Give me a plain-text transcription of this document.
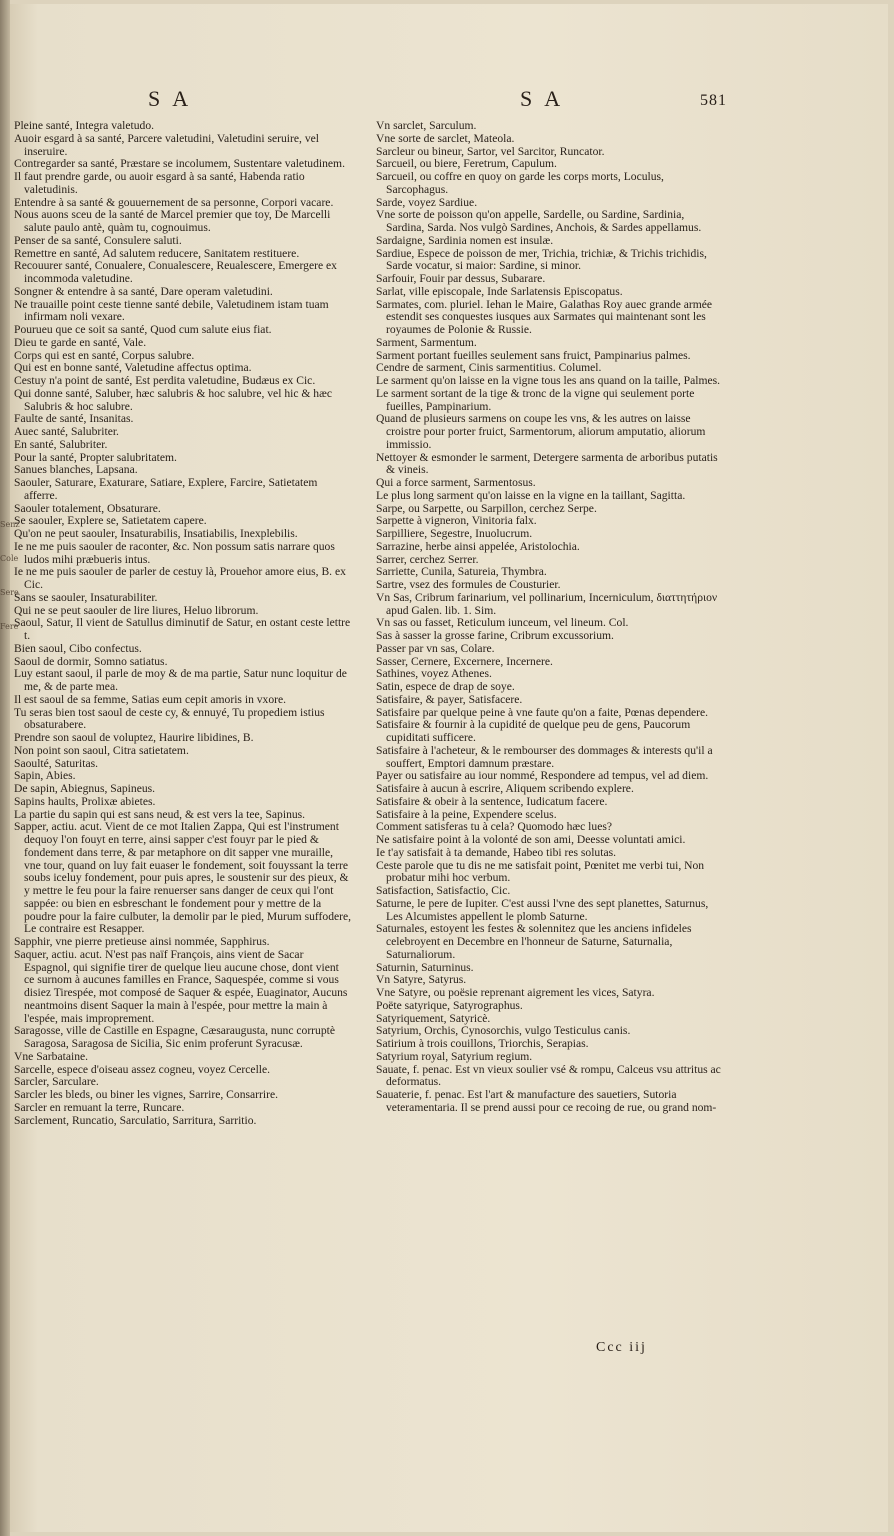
Senz
Cole
Sere
Fere
SA	SA	581

Pleine santé, Integra valetudo.

Auoir esgard à sa santé, Parcere valetudini, Valetudini seruire, vel inseruire.

Contregarder sa santé, Præstare se incolumem, Sustentare valetudinem.

Il faut prendre garde, ou auoir esgard à sa santé, Habenda ratio valetudinis.

Entendre à sa santé & gouuernement de sa personne, Corpori vacare.

Nous auons sceu de la santé de Marcel premier que toy, De Marcelli salute paulo antè, quàm tu, cognouimus.

Penser de sa santé, Consulere saluti.

Remettre en santé, Ad salutem reducere, Sanitatem restituere.

Recouurer santé, Conualere, Conualescere, Reualescere, Emergere ex incommoda valetudine.

Songner & entendre à sa santé, Dare operam valetudini.

Ne trauaille point ceste tienne santé debile, Valetudinem istam tuam infirmam noli vexare.

Pourueu que ce soit sa santé, Quod cum salute eius fiat.

Dieu te garde en santé, Vale.

Corps qui est en santé, Corpus salubre.

Qui est en bonne santé, Valetudine affectus optima.

Cestuy n'a point de santé, Est perdita valetudine, Budæus ex Cic.

Qui donne santé, Saluber, hæc salubris & hoc salubre, vel hic & hæc Salubris & hoc salubre.

Faulte de santé, Insanitas.

Auec santé, Salubriter.

En santé, Salubriter.

Pour la santé, Propter salubritatem.

Sanues blanches, Lapsana.

Saouler, Saturare, Exaturare, Satiare, Explere, Farcire, Satietatem afferre.

Saouler totalement, Obsaturare.

Se saouler, Explere se, Satietatem capere.

Qu'on ne peut saouler, Insaturabilis, Insatiabilis, Inexplebilis.

Ie ne me puis saouler de raconter, &c. Non possum satis narrare quos ludos mihi præbueris intus.

Ie ne me puis saouler de parler de cestuy là, Prouehor amore eius, B. ex Cic.

Sans se saouler, Insaturabiliter.

Qui ne se peut saouler de lire liures, Heluo librorum.

Saoul, Satur, Il vient de Satullus diminutif de Satur, en ostant ceste lettre t.

Bien saoul, Cibo confectus.

Saoul de dormir, Somno satiatus.

Luy estant saoul, il parle de moy & de ma partie, Satur nunc loquitur de me, & de parte mea.

Il est saoul de sa femme, Satias eum cepit amoris in vxore.

Tu seras bien tost saoul de ceste cy, & ennuyé, Tu propediem istius obsaturabere.

Prendre son saoul de voluptez, Haurire libidines, B.

Non point son saoul, Citra satietatem.

Saoulté, Saturitas.

Sapin, Abies.

De sapin, Abiegnus, Sapineus.

Sapins haults, Prolixæ abietes.

La partie du sapin qui est sans neud, & est vers la tee, Sapinus.

Sapper, actiu. acut. Vient de ce mot Italien Zappa, Qui est l'instrument dequoy l'on fouyt en terre, ainsi sapper c'est fouyr par le pied & fondement dans terre, & par metaphore on dit sapper vne muraille, vne tour, quand on luy fait euaser le fondement, soit fouyssant la terre soubs iceluy fondement, pour puis apres, le soustenir sur des pieux, & y mettre le feu pour la faire renuerser sans danger de ceux qui l'ont sappée: ou bien en esbreschant le fondement pour y mettre de la poudre pour la faire culbuter, la demolir par le pied, Murum suffodere, Le contraire est Resapper.

Sapphir, vne pierre pretieuse ainsi nommée, Sapphirus.

Saquer, actiu. acut. N'est pas naïf François, ains vient de Sacar Espagnol, qui signifie tirer de quelque lieu aucune chose, dont vient ce surnom à aucunes familles en France, Saquespée, comme si vous disiez Tirespée, mot composé de Saquer & espée, Euaginator, Aucuns neantmoins disent Saquer la main à l'espée, pour mettre la main à l'espée, mais improprement.

Saragosse, ville de Castille en Espagne, Cæsaraugusta, nunc corruptè Saragosa, Saragosa de Sicilia, Sic enim proferunt Syracusæ.

Vne Sarbataine.

Sarcelle, espece d'oiseau assez cogneu, voyez Cercelle.

Sarcler, Sarculare.

Sarcler les bleds, ou biner les vignes, Sarrire, Consarrire.

Sarcler en remuant la terre, Runcare.

Sarclement, Runcatio, Sarculatio, Sarritura, Sarritio.

Vn sarclet, Sarculum.

Vne sorte de sarclet, Mateola.

Sarcleur ou bineur, Sartor, vel Sarcitor, Runcator.

Sarcueil, ou biere, Feretrum, Capulum.

Sarcueil, ou coffre en quoy on garde les corps morts, Loculus, Sarcophagus.

Sarde, voyez Sardiue.

Vne sorte de poisson qu'on appelle, Sardelle, ou Sardine, Sardinia, Sardina, Sarda. Nos vulgò Sardines, Anchois, & Sardes appellamus.

Sardaigne, Sardinia nomen est insulæ.

Sardiue, Espece de poisson de mer, Trichia, trichiæ, & Trichis trichidis, Sarde vocatur, si maior: Sardine, si minor.

Sarfouir, Fouir par dessus, Subarare.

Sarlat, ville episcopale, Inde Sarlatensis Episcopatus.

Sarmates, com. pluriel. Iehan le Maire, Galathas Roy auec grande armée estendit ses conquestes iusques aux Sarmates qui maintenant sont les royaumes de Polonie & Russie.

Sarment, Sarmentum.

Sarment portant fueilles seulement sans fruict, Pampinarius palmes.

Cendre de sarment, Cinis sarmentitius. Columel.

Le sarment qu'on laisse en la vigne tous les ans quand on la taille, Palmes.

Le sarment sortant de la tige & tronc de la vigne qui seulement porte fueilles, Pampinarium.

Quand de plusieurs sarmens on coupe les vns, & les autres on laisse croistre pour porter fruict, Sarmentorum, aliorum amputatio, aliorum immissio.

Nettoyer & esmonder le sarment, Detergere sarmenta de arboribus putatis & vineis.

Qui a force sarment, Sarmentosus.

Le plus long sarment qu'on laisse en la vigne en la taillant, Sagitta.

Sarpe, ou Sarpette, ou Sarpillon, cerchez Serpe.

Sarpette à vigneron, Vinitoria falx.

Sarpilliere, Segestre, Inuolucrum.

Sarrazine, herbe ainsi appelée, Aristolochia.

Sarrer, cerchez Serrer.

Sarriette, Cunila, Satureia, Thymbra.

Sartre, vsez des formules de Cousturier.

Vn Sas, Cribrum farinarium, vel pollinarium, Incerniculum, διαττητήριον apud Galen. lib. 1. Sim.

Vn sas ou fasset, Reticulum iunceum, vel lineum. Col.

Sas à sasser la grosse farine, Cribrum excussorium.

Passer par vn sas, Colare.

Sasser, Cernere, Excernere, Incernere.

Sathines, voyez Athenes.

Satin, espece de drap de soye.

Satisfaire, & payer, Satisfacere.

Satisfaire par quelque peine à vne faute qu'on a faite, Pœnas dependere.

Satisfaire & fournir à la cupidité de quelque peu de gens, Paucorum cupiditati sufficere.

Satisfaire à l'acheteur, & le rembourser des dommages & interests qu'il a souffert, Emptori damnum præstare.

Payer ou satisfaire au iour nommé, Respondere ad tempus, vel ad diem.

Satisfaire à aucun à escrire, Aliquem scribendo explere.

Satisfaire & obeir à la sentence, Iudicatum facere.

Satisfaire à la peine, Expendere scelus.

Comment satisferas tu à cela? Quomodo hæc lues?

Ne satisfaire point à la volonté de son ami, Deesse voluntati amici.

Ie t'ay satisfait à ta demande, Habeo tibi res solutas.

Ceste parole que tu dis ne me satisfait point, Pœnitet me verbi tui, Non probatur mihi hoc verbum.

Satisfaction, Satisfactio, Cic.

Saturne, le pere de Iupiter. C'est aussi l'vne des sept planettes, Saturnus, Les Alcumistes appellent le plomb Saturne.

Saturnales, estoyent les festes & solennitez que les anciens infideles celebroyent en Decembre en l'honneur de Saturne, Saturnalia, Saturnaliorum.

Saturnin, Saturninus.

Vn Satyre, Satyrus.

Vne Satyre, ou poësie reprenant aigrement les vices, Satyra.

Poëte satyrique, Satyrographus.

Satyriquement, Satyricè.

Satyrium, Orchis, Cynosorchis, vulgo Testiculus canis.

Satirium à trois couillons, Triorchis, Serapias.

Satyrium royal, Satyrium regium.

Sauate, f. penac. Est vn vieux soulier vsé & rompu, Calceus vsu attritus ac deformatus.

Sauaterie, f. penac. Est l'art & manufacture des sauetiers, Sutoria veteramentaria. Il se prend aussi pour ce recoing de rue, ou grand nom-

Ccc iij
